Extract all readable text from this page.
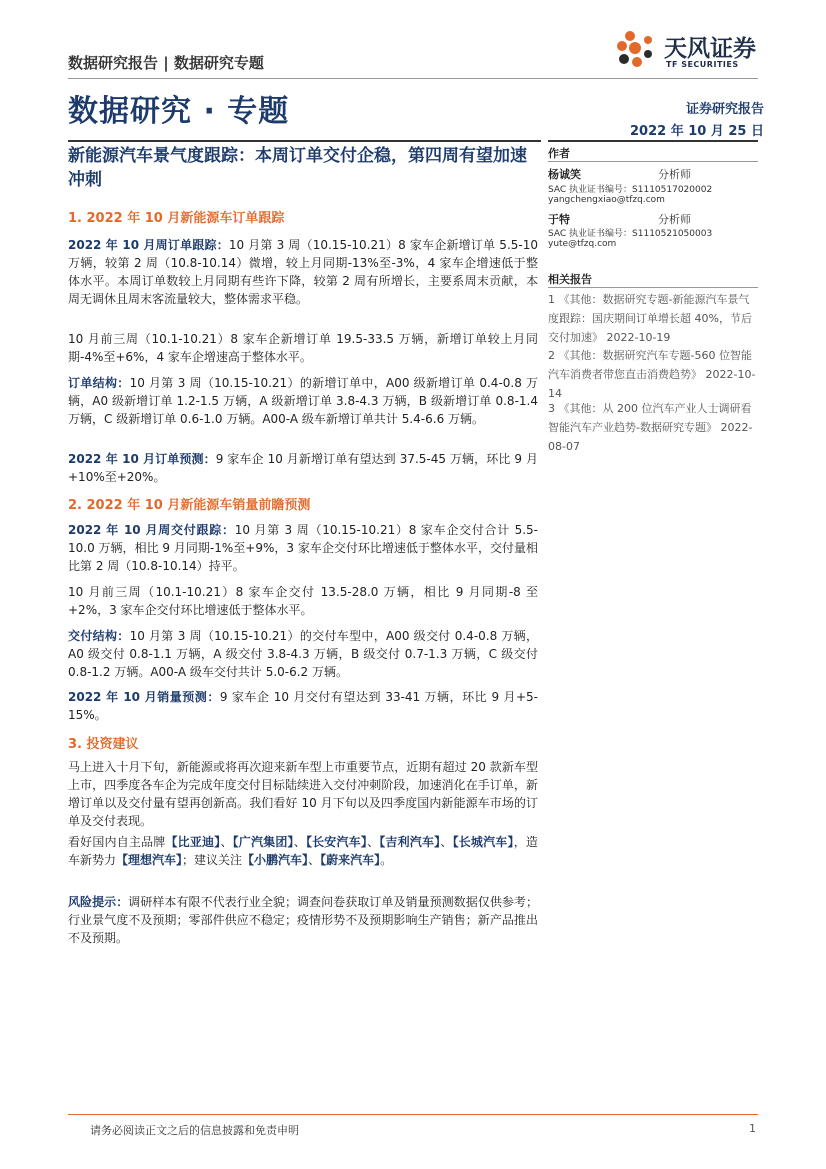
数据研究报告 | 数据研究专题
数据研究 · 专题
天风证券
TF SECURITIES
证券研究报告
2022 年 10 月 25 日
新能源汽车景气度跟踪：本周订单交付企稳，第四周有望加速冲刺
1. 2022 年 10 月新能源车订单跟踪
2022 年 10 月周订单跟踪：10 月第 3 周（10.15-10.21）8 家车企新增订单 5.5-10 万辆，较第 2 周（10.8-10.14）微增，较上月同期-13%至-3%，4 家车企增速低于整体水平。本周订单数较上月同期有些许下降，较第 2 周有所增长，主要系周末贡献，本周无调休且周末客流量较大，整体需求平稳。
10 月前三周（10.1-10.21）8 家车企新增订单 19.5-33.5 万辆，新增订单较上月同期-4%至+6%，4 家车企增速高于整体水平。
订单结构：10 月第 3 周（10.15-10.21）的新增订单中，A00 级新增订单 0.4-0.8 万辆，A0 级新增订单 1.2-1.5 万辆，A 级新增订单 3.8-4.3 万辆，B 级新增订单 0.8-1.4 万辆，C 级新增订单 0.6-1.0 万辆。A00-A 级车新增订单共计 5.4-6.6 万辆。
2022 年 10 月订单预测：9 家车企 10 月新增订单有望达到 37.5-45 万辆，环比 9 月+10%至+20%。
2. 2022 年 10 月新能源车销量前瞻预测
2022 年 10 月周交付跟踪：10 月第 3 周（10.15-10.21）8 家车企交付合计 5.5-10.0 万辆，相比 9 月同期-1%至+9%，3 家车企交付环比增速低于整体水平，交付量相比第 2 周（10.8-10.14）持平。
10 月前三周（10.1-10.21）8 家车企交付 13.5-28.0 万辆，相比 9 月同期-8 至+2%，3 家车企交付环比增速低于整体水平。
交付结构：10 月第 3 周（10.15-10.21）的交付车型中，A00 级交付 0.4-0.8 万辆，A0 级交付 0.8-1.1 万辆，A 级交付 3.8-4.3 万辆，B 级交付 0.7-1.3 万辆，C 级交付 0.8-1.2 万辆。A00-A 级车交付共计 5.0-6.2 万辆。
2022 年 10 月销量预测：9 家车企 10 月交付有望达到 33-41 万辆，环比 9 月+5-15%。
3. 投资建议
马上进入十月下旬，新能源或将再次迎来新车型上市重要节点，近期有超过 20 款新车型上市，四季度各车企为完成年度交付目标陆续进入交付冲刺阶段，加速消化在手订单，新增订单以及交付量有望再创新高。我们看好 10 月下旬以及四季度国内新能源车市场的订单及交付表现。
看好国内自主品牌【比亚迪】、【广汽集团】、【长安汽车】、【吉利汽车】、【长城汽车】，造车新势力【理想汽车】；建议关注【小鹏汽车】、【蔚来汽车】。
风险提示：调研样本有限不代表行业全貌；调查问卷获取订单及销量预测数据仅供参考；行业景气度不及预期；零部件供应不稳定；疫情形势不及预期影响生产销售；新产品推出不及预期。
作者
杨诚笑	分析师
SAC 执业证书编号：S1110517020002
yangchengxiao@tfzq.com
于特	分析师
SAC 执业证书编号：S1110521050003
yute@tfzq.com
相关报告
1 《其他：数据研究专题-新能源汽车景气度跟踪：国庆期间订单增长超 40%，节后交付加速》 2022-10-19
2 《其他：数据研究汽车专题-560 位智能汽车消费者带您直击消费趋势》 2022-10-14
3 《其他：从 200 位汽车产业人士调研看智能汽车产业趋势-数据研究专题》 2022-08-07
请务必阅读正文之后的信息披露和免责申明	1
